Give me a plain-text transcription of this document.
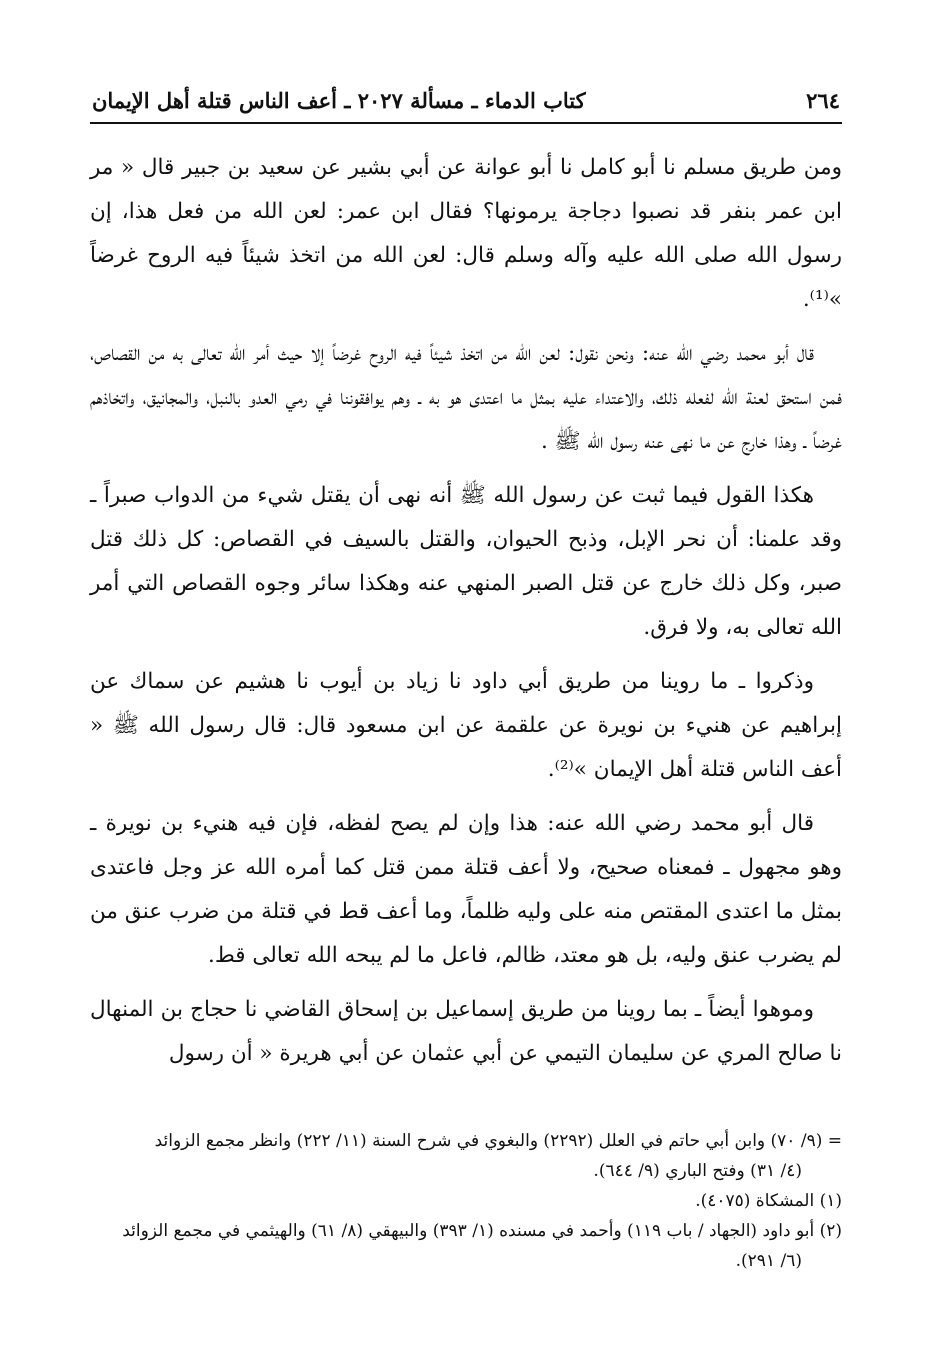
٢٦٤
كتاب الدماء ـ مسألة ٢٠٢٧ ـ أعف الناس قتلة أهل الإيمان

ومن طريق مسلم نا أبو كامل نا أبو عوانة عن أبي بشير عن سعيد بن جبير قال « مر ابن عمر بنفر قد نصبوا دجاجة يرمونها؟ فقال ابن عمر: لعن الله من فعل هذا، إن رسول الله صلى الله عليه وآله وسلم قال: لعن الله من اتخذ شيئاً فيه الروح غرضاً »⁽¹⁾.

قال أبو محمد رضي الله عنه: ونحن نقول: لعن الله من اتخذ شيئاً فيه الروح غرضاً إلا حيث أمر الله تعالى به من القصاص، فمن استحق لعنة الله لفعله ذلك، والاعتداء عليه بمثل ما اعتدى هو به ـ وهم يوافقوننا في رمي العدو بالنبل، والمجانيق، واتخاذهم غرضاً ـ وهذا خارج عن ما نهى عنه رسول الله ﷺ .

هكذا القول فيما ثبت عن رسول الله ﷺ أنه نهى أن يقتل شيء من الدواب صبراً ـ وقد علمنا: أن نحر الإبل، وذبح الحيوان، والقتل بالسيف في القصاص: كل ذلك قتل صبر، وكل ذلك خارج عن قتل الصبر المنهي عنه وهكذا سائر وجوه القصاص التي أمر الله تعالى به، ولا فرق.

وذكروا ـ ما روينا من طريق أبي داود نا زياد بن أيوب نا هشيم عن سماك عن إبراهيم عن هنيء بن نويرة عن علقمة عن ابن مسعود قال: قال رسول الله ﷺ « أعف الناس قتلة أهل الإيمان »⁽²⁾.

قال أبو محمد رضي الله عنه: هذا وإن لم يصح لفظه، فإن فيه هنيء بن نويرة ـ وهو مجهول ـ فمعناه صحيح، ولا أعف قتلة ممن قتل كما أمره الله عز وجل فاعتدى بمثل ما اعتدى المقتص منه على وليه ظلماً، وما أعف قط في قتلة من ضرب عنق من لم يضرب عنق وليه، بل هو معتد، ظالم، فاعل ما لم يبحه الله تعالى قط.

وموهوا أيضاً ـ بما روينا من طريق إسماعيل بن إسحاق القاضي نا حجاج بن المنهال نا صالح المري عن سليمان التيمي عن أبي عثمان عن أبي هريرة « أن رسول

= (٩/ ٧٠) وابن أبي حاتم في العلل (٢٢٩٢) والبغوي في شرح السنة (١١/ ٢٢٢) وانظر مجمع الزوائد

(٤/ ٣١) وفتح الباري (٩/ ٦٤٤).

(١) المشكاة (٤٠٧٥).

(٢) أبو داود (الجهاد / باب ١١٩) وأحمد في مسنده (١/ ٣٩٣) والبيهقي (٨/ ٦١) والهيثمي في مجمع الزوائد

(٦/ ٢٩١).
